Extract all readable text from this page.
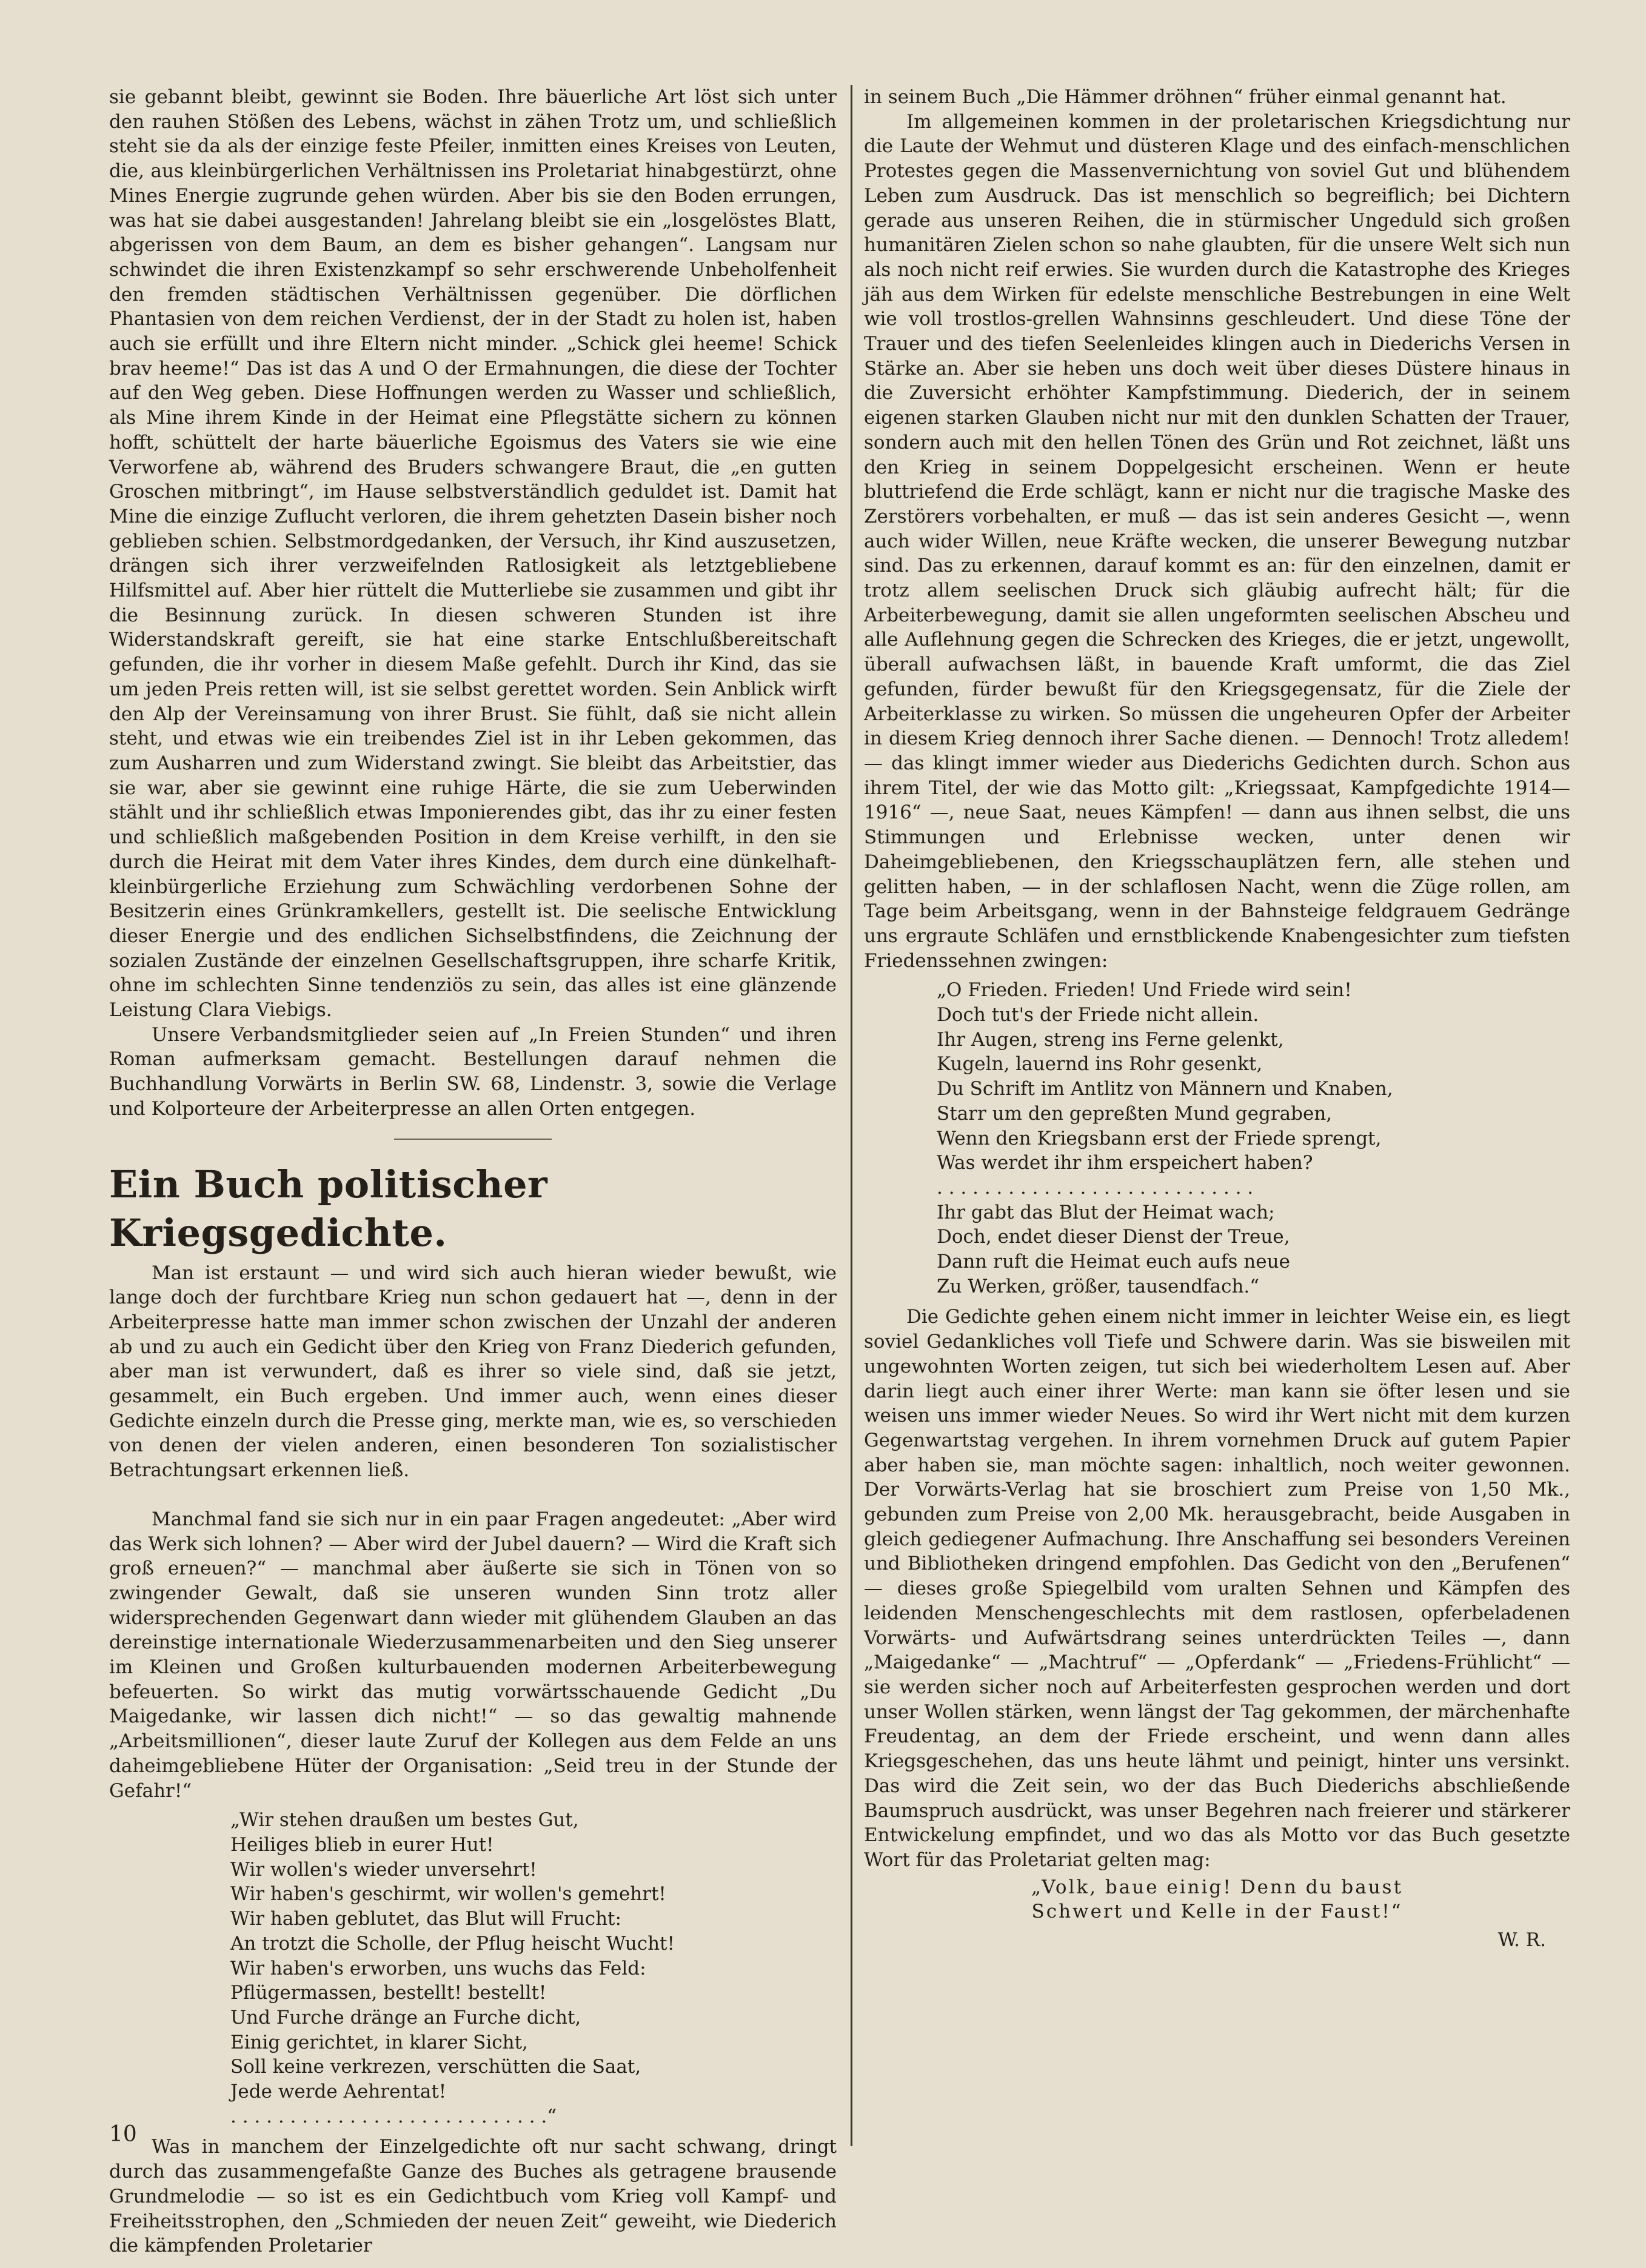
sie gebannt bleibt, gewinnt sie Boden. Ihre bäuerliche Art löst sich unter den rauhen Stößen des Lebens, wächst in zähen Trotz um, und schließlich steht sie da als der einzige feste Pfeiler, inmitten eines Kreises von Leuten, die, aus kleinbürgerlichen Verhältnissen ins Proletariat hinabgestürzt, ohne Mines Energie zugrunde gehen würden. Aber bis sie den Boden errungen, was hat sie dabei ausgestanden! Jahrelang bleibt sie ein „losgelöstes Blatt, abgerissen von dem Baum, an dem es bisher gehangen“. Langsam nur schwindet die ihren Existenzkampf so sehr erschwerende Unbeholfenheit den fremden städtischen Verhältnissen gegenüber. Die dörflichen Phantasien von dem reichen Verdienst, der in der Stadt zu holen ist, haben auch sie erfüllt und ihre Eltern nicht minder. „Schick glei heeme! Schick brav heeme!“ Das ist das A und O der Ermahnungen, die diese der Tochter auf den Weg geben. Diese Hoffnungen werden zu Wasser und schließlich, als Mine ihrem Kinde in der Heimat eine Pflegstätte sichern zu können hofft, schüttelt der harte bäuerliche Egoismus des Vaters sie wie eine Verworfene ab, während des Bruders schwangere Braut, die „en gutten Groschen mitbringt“, im Hause selbstverständlich geduldet ist. Damit hat Mine die einzige Zuflucht verloren, die ihrem gehetzten Dasein bisher noch geblieben schien. Selbstmordgedanken, der Versuch, ihr Kind auszusetzen, drängen sich ihrer verzweifelnden Ratlosigkeit als letztgebliebene Hilfsmittel auf. Aber hier rüttelt die Mutterliebe sie zusammen und gibt ihr die Besinnung zurück. In diesen schweren Stunden ist ihre Widerstandskraft gereift, sie hat eine starke Entschlußbereitschaft gefunden, die ihr vorher in diesem Maße gefehlt. Durch ihr Kind, das sie um jeden Preis retten will, ist sie selbst gerettet worden. Sein Anblick wirft den Alp der Vereinsamung von ihrer Brust. Sie fühlt, daß sie nicht allein steht, und etwas wie ein treibendes Ziel ist in ihr Leben gekommen, das zum Ausharren und zum Widerstand zwingt. Sie bleibt das Arbeitstier, das sie war, aber sie gewinnt eine ruhige Härte, die sie zum Ueberwinden stählt und ihr schließlich etwas Imponierendes gibt, das ihr zu einer festen und schließlich maßgebenden Position in dem Kreise verhilft, in den sie durch die Heirat mit dem Vater ihres Kindes, dem durch eine dünkelhaft-kleinbürgerliche Erziehung zum Schwächling verdorbenen Sohne der Besitzerin eines Grünkramkellers, gestellt ist. Die seelische Entwicklung dieser Energie und des endlichen Sichselbstfindens, die Zeichnung der sozialen Zustände der einzelnen Gesellschaftsgruppen, ihre scharfe Kritik, ohne im schlechten Sinne tendenziös zu sein, das alles ist eine glänzende Leistung Clara Viebigs.

Unsere Verbandsmitglieder seien auf „In Freien Stunden“ und ihren Roman aufmerksam gemacht. Bestellungen darauf nehmen die Buchhandlung Vorwärts in Berlin SW. 68, Lindenstr. 3, sowie die Verlage und Kolporteure der Arbeiterpresse an allen Orten entgegen.

Ein Buch politischer Kriegsgedichte.

Man ist erstaunt — und wird sich auch hieran wieder bewußt, wie lange doch der furchtbare Krieg nun schon gedauert hat —, denn in der Arbeiterpresse hatte man immer schon zwischen der Unzahl der anderen ab und zu auch ein Gedicht über den Krieg von Franz Diederich gefunden, aber man ist verwundert, daß es ihrer so viele sind, daß sie jetzt, gesammelt, ein Buch ergeben. Und immer auch, wenn eines dieser Gedichte einzeln durch die Presse ging, merkte man, wie es, so verschieden von denen der vielen anderen, einen besonderen Ton sozialistischer Betrachtungsart erkennen ließ.

Manchmal fand sie sich nur in ein paar Fragen angedeutet: „Aber wird das Werk sich lohnen? — Aber wird der Jubel dauern? — Wird die Kraft sich groß erneuen?“ — manchmal aber äußerte sie sich in Tönen von so zwingender Gewalt, daß sie unseren wunden Sinn trotz aller widersprechenden Gegenwart dann wieder mit glühendem Glauben an das dereinstige internationale Wiederzusammenarbeiten und den Sieg unserer im Kleinen und Großen kulturbauenden modernen Arbeiterbewegung befeuerten. So wirkt das mutig vorwärtsschauende Gedicht „Du Maigedanke, wir lassen dich nicht!“ — so das gewaltig mahnende „Arbeitsmillionen“, dieser laute Zuruf der Kollegen aus dem Felde an uns daheimgebliebene Hüter der Organisation: „Seid treu in der Stunde der Gefahr!“

„Wir stehen draußen um bestes Gut,
Heiliges blieb in eurer Hut!
Wir wollen's wieder unversehrt!
Wir haben's geschirmt, wir wollen's gemehrt!
Wir haben geblutet, das Blut will Frucht:
An trotzt die Scholle, der Pflug heischt Wucht!
Wir haben's erworben, uns wuchs das Feld:
Pflügermassen, bestellt! bestellt!
Und Furche dränge an Furche dicht,
Einig gerichtet, in klarer Sicht,
Soll keine verkrezen, verschütten die Saat,
Jede werde Aehrentat!
. . . . . . . . . . . . . . . . . . . . . . . . . . .“

Was in manchem der Einzelgedichte oft nur sacht schwang, dringt durch das zusammengefaßte Ganze des Buches als getragene brausende Grundmelodie — so ist es ein Gedichtbuch vom Krieg voll Kampf- und Freiheitsstrophen, den „Schmieden der neuen Zeit“ geweiht, wie Diederich die kämpfenden Proletarier

in seinem Buch „Die Hämmer dröhnen“ früher einmal genannt hat.

Im allgemeinen kommen in der proletarischen Kriegsdichtung nur die Laute der Wehmut und düsteren Klage und des einfach-menschlichen Protestes gegen die Massenvernichtung von soviel Gut und blühendem Leben zum Ausdruck. Das ist menschlich so begreiflich; bei Dichtern gerade aus unseren Reihen, die in stürmischer Ungeduld sich großen humanitären Zielen schon so nahe glaubten, für die unsere Welt sich nun als noch nicht reif erwies. Sie wurden durch die Katastrophe des Krieges jäh aus dem Wirken für edelste menschliche Bestrebungen in eine Welt wie voll trostlos-grellen Wahnsinns geschleudert. Und diese Töne der Trauer und des tiefen Seelenleides klingen auch in Diederichs Versen in Stärke an. Aber sie heben uns doch weit über dieses Düstere hinaus in die Zuversicht erhöhter Kampfstimmung. Diederich, der in seinem eigenen starken Glauben nicht nur mit den dunklen Schatten der Trauer, sondern auch mit den hellen Tönen des Grün und Rot zeichnet, läßt uns den Krieg in seinem Doppelgesicht erscheinen. Wenn er heute bluttriefend die Erde schlägt, kann er nicht nur die tragische Maske des Zerstörers vorbehalten, er muß — das ist sein anderes Gesicht —, wenn auch wider Willen, neue Kräfte wecken, die unserer Bewegung nutzbar sind. Das zu erkennen, darauf kommt es an: für den einzelnen, damit er trotz allem seelischen Druck sich gläubig aufrecht hält; für die Arbeiterbewegung, damit sie allen ungeformten seelischen Abscheu und alle Auflehnung gegen die Schrecken des Krieges, die er jetzt, ungewollt, überall aufwachsen läßt, in bauende Kraft umformt, die das Ziel gefunden, fürder bewußt für den Kriegsgegensatz, für die Ziele der Arbeiterklasse zu wirken. So müssen die ungeheuren Opfer der Arbeiter in diesem Krieg dennoch ihrer Sache dienen. — Dennoch! Trotz alledem! — das klingt immer wieder aus Diederichs Gedichten durch. Schon aus ihrem Titel, der wie das Motto gilt: „Kriegssaat, Kampfgedichte 1914—1916“ —, neue Saat, neues Kämpfen! — dann aus ihnen selbst, die uns Stimmungen und Erlebnisse wecken, unter denen wir Daheimgebliebenen, den Kriegsschauplätzen fern, alle stehen und gelitten haben, — in der schlaflosen Nacht, wenn die Züge rollen, am Tage beim Arbeitsgang, wenn in der Bahnsteige feldgrauem Gedränge uns ergraute Schläfen und ernstblickende Knabengesichter zum tiefsten Friedenssehnen zwingen:

„O Frieden. Frieden! Und Friede wird sein!
Doch tut's der Friede nicht allein.
Ihr Augen, streng ins Ferne gelenkt,
Kugeln, lauernd ins Rohr gesenkt,
Du Schrift im Antlitz von Männern und Knaben,
Starr um den gepreßten Mund gegraben,
Wenn den Kriegsbann erst der Friede sprengt,
Was werdet ihr ihm erspeichert haben?
. . . . . . . . . . . . . . . . . . . . . . . . . . .
Ihr gabt das Blut der Heimat wach;
Doch, endet dieser Dienst der Treue,
Dann ruft die Heimat euch aufs neue
Zu Werken, größer, tausendfach.“

Die Gedichte gehen einem nicht immer in leichter Weise ein, es liegt soviel Gedankliches voll Tiefe und Schwere darin. Was sie bisweilen mit ungewohnten Worten zeigen, tut sich bei wiederholtem Lesen auf. Aber darin liegt auch einer ihrer Werte: man kann sie öfter lesen und sie weisen uns immer wieder Neues. So wird ihr Wert nicht mit dem kurzen Gegenwartstag vergehen. In ihrem vornehmen Druck auf gutem Papier aber haben sie, man möchte sagen: inhaltlich, noch weiter gewonnen. Der Vorwärts-Verlag hat sie broschiert zum Preise von 1,50 Mk., gebunden zum Preise von 2,00 Mk. herausgebracht, beide Ausgaben in gleich gediegener Aufmachung. Ihre Anschaffung sei besonders Vereinen und Bibliotheken dringend empfohlen. Das Gedicht von den „Berufenen“ — dieses große Spiegelbild vom uralten Sehnen und Kämpfen des leidenden Menschengeschlechts mit dem rastlosen, opferbeladenen Vorwärts- und Aufwärtsdrang seines unterdrückten Teiles —, dann „Maigedanke“ — „Machtruf“ — „Opferdank“ — „Friedens-Frühlicht“ — sie werden sicher noch auf Arbeiterfesten gesprochen werden und dort unser Wollen stärken, wenn längst der Tag gekommen, der märchenhafte Freudentag, an dem der Friede erscheint, und wenn dann alles Kriegsgeschehen, das uns heute lähmt und peinigt, hinter uns versinkt. Das wird die Zeit sein, wo der das Buch Diederichs abschließende Baumspruch ausdrückt, was unser Begehren nach freierer und stärkerer Entwickelung empfindet, und wo das als Motto vor das Buch gesetzte Wort für das Proletariat gelten mag:

„Volk, baue einig! Denn du baust
Schwert und Kelle in der Faust!“
W. R.
10
